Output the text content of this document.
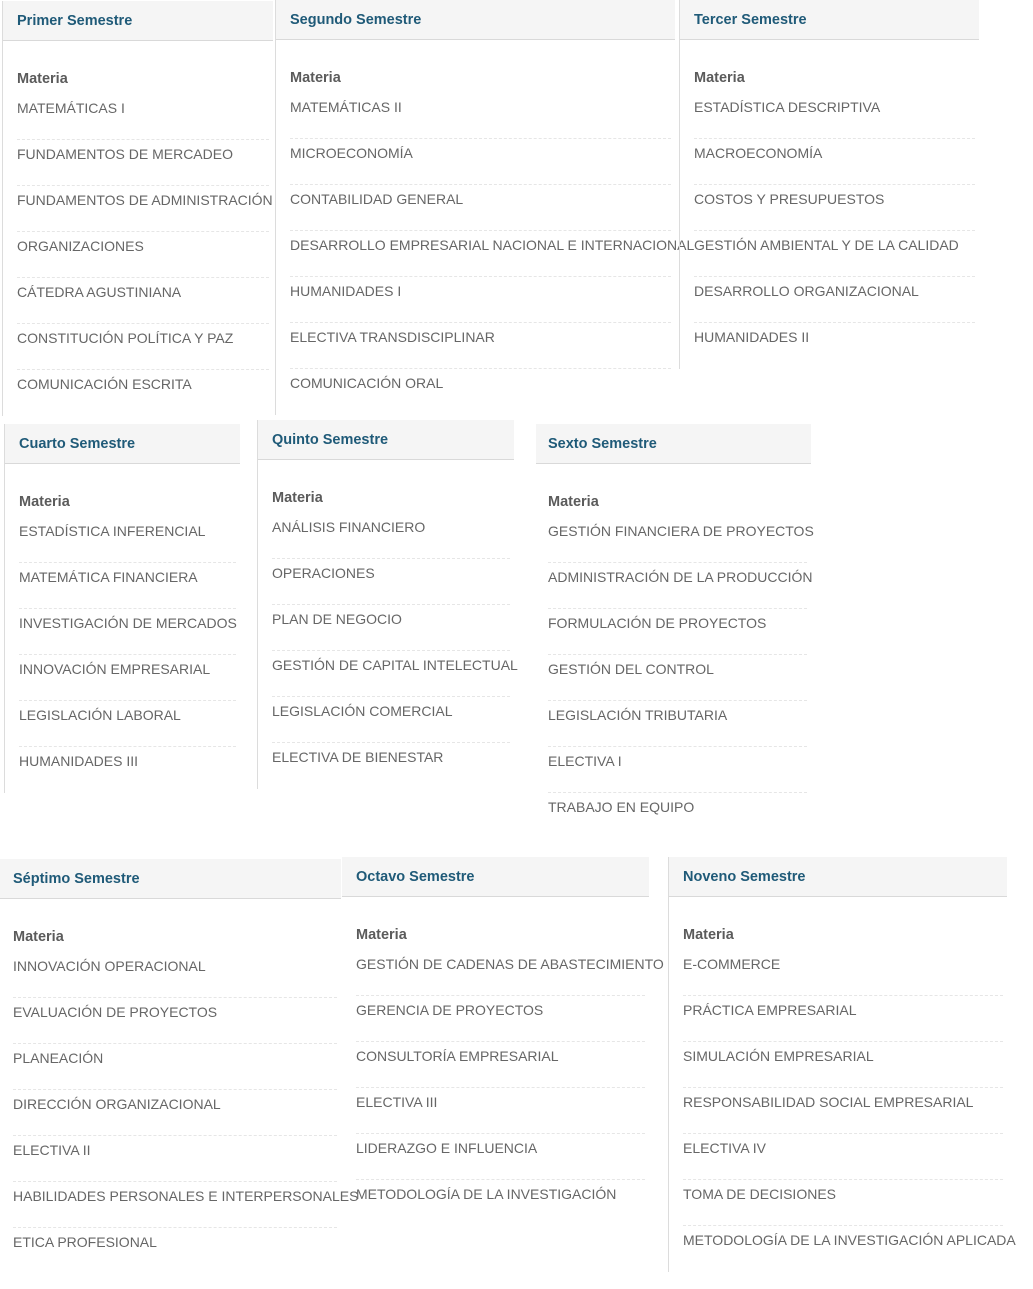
Primer Semestre
Materia
MATEMÁTICAS I
FUNDAMENTOS DE MERCADEO
FUNDAMENTOS DE ADMINISTRACIÓN
ORGANIZACIONES
CÁTEDRA AGUSTINIANA
CONSTITUCIÓN POLÍTICA Y PAZ
COMUNICACIÓN ESCRITA
Segundo Semestre
Materia
MATEMÁTICAS II
MICROECONOMÍA
CONTABILIDAD GENERAL
DESARROLLO EMPRESARIAL NACIONAL E INTERNACIONAL
HUMANIDADES I
ELECTIVA TRANSDISCIPLINAR
COMUNICACIÓN ORAL
Tercer Semestre
Materia
ESTADÍSTICA DESCRIPTIVA
MACROECONOMÍA
COSTOS Y PRESUPUESTOS
GESTIÓN AMBIENTAL Y DE LA CALIDAD
DESARROLLO ORGANIZACIONAL
HUMANIDADES II
Cuarto Semestre
Materia
ESTADÍSTICA INFERENCIAL
MATEMÁTICA FINANCIERA
INVESTIGACIÓN DE MERCADOS
INNOVACIÓN EMPRESARIAL
LEGISLACIÓN LABORAL
HUMANIDADES III
Quinto Semestre
Materia
ANÁLISIS FINANCIERO
OPERACIONES
PLAN DE NEGOCIO
GESTIÓN DE CAPITAL INTELECTUAL
LEGISLACIÓN COMERCIAL
ELECTIVA DE BIENESTAR
Sexto Semestre
Materia
GESTIÓN FINANCIERA DE PROYECTOS
ADMINISTRACIÓN DE LA PRODUCCIÓN
FORMULACIÓN DE PROYECTOS
GESTIÓN DEL CONTROL
LEGISLACIÓN TRIBUTARIA
ELECTIVA I
TRABAJO EN EQUIPO
Séptimo Semestre
Materia
INNOVACIÓN OPERACIONAL
EVALUACIÓN DE PROYECTOS
PLANEACIÓN
DIRECCIÓN ORGANIZACIONAL
ELECTIVA II
HABILIDADES PERSONALES E INTERPERSONALES
ETICA PROFESIONAL
Octavo Semestre
Materia
GESTIÓN DE CADENAS DE ABASTECIMIENTO
GERENCIA DE PROYECTOS
CONSULTORÍA EMPRESARIAL
ELECTIVA III
LIDERAZGO E INFLUENCIA
METODOLOGÍA DE LA INVESTIGACIÓN
Noveno Semestre
Materia
E-COMMERCE
PRÁCTICA EMPRESARIAL
SIMULACIÓN EMPRESARIAL
RESPONSABILIDAD SOCIAL EMPRESARIAL
ELECTIVA IV
TOMA DE DECISIONES
METODOLOGÍA DE LA INVESTIGACIÓN APLICADA
